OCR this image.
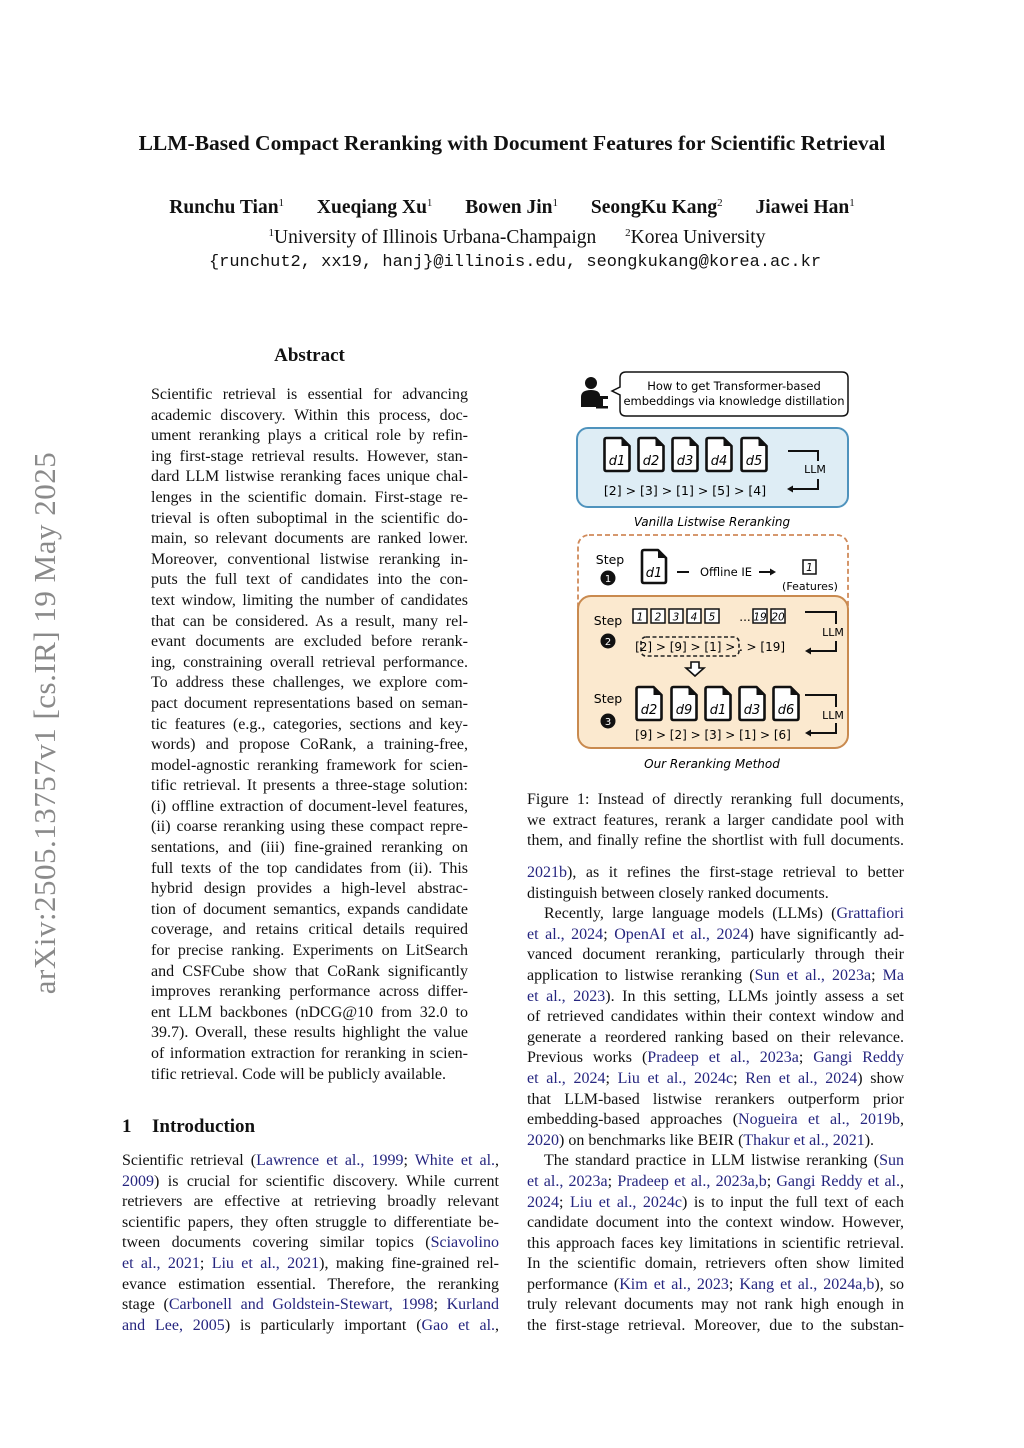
arXiv:2505.13757v1 [cs.IR] 19 May 2025
LLM-Based Compact Reranking with Document Features for Scientific Retrieval
Runchu Tian$^1$ Xueqiang Xu$^1$ Bowen Jin$^1$ SeongKu Kang$^2$ Jiawei Han$^1$
$^1$University of Illinois Urbana-Champaign	$^2$Korea University
{runchut2, xx19, hanj}@illinois.edu, seongkukang@korea.ac.kr
Abstract
Scientific retrieval is essential for advancing
academic discovery. Within this process, doc-
ument reranking plays a critical role by refin-
ing first-stage retrieval results. However, stan-
dard LLM listwise reranking faces unique chal-
lenges in the scientific domain. First-stage re-
trieval is often suboptimal in the scientific do-
main, so relevant documents are ranked lower.
Moreover, conventional listwise reranking in-
puts the full text of candidates into the con-
text window, limiting the number of candidates
that can be considered. As a result, many rel-
evant documents are excluded before rerank-
ing, constraining overall retrieval performance.
To address these challenges, we explore com-
pact document representations based on seman-
tic features (e.g., categories, sections and key-
words) and propose CoRank, a training-free,
model-agnostic reranking framework for scien-
tific retrieval. It presents a three-stage solution:
(i) offline extraction of document-level features,
(ii) coarse reranking using these compact repre-
sentations, and (iii) fine-grained reranking on
full texts of the top candidates from (ii). This
hybrid design provides a high-level abstrac-
tion of document semantics, expands candidate
coverage, and retains critical details required
for precise ranking. Experiments on LitSearch
and CSFCube show that CoRank significantly
improves reranking performance across differ-
ent LLM backbones (nDCG@10 from 32.0 to
39.7). Overall, these results highlight the value
of information extraction for reranking in scien-
tific retrieval. Code will be publicly available.
1 Introduction
Scientific retrieval (Lawrence et al., 1999; White et al.,
2009) is crucial for scientific discovery. While current
retrievers are effective at retrieving broadly relevant
scientific papers, they often struggle to differentiate be-
tween documents covering similar topics (Sciavolino
et al., 2021; Liu et al., 2021), making fine-grained rel-
evance estimation essential. Therefore, the reranking
stage (Carbonell and Goldstein-Stewart, 1998; Kurland
and Lee, 2005) is particularly important (Gao et al.,
How to get Transformer-based
embeddings via knowledge distillation
d1 d2 d3 d4 d5
[2] > [3] > [1] > [5] > [4]
LLM
Vanilla Listwise Reranking
Step
1	d1	Offline IE	1
(Features)
Step
2
1 2 3 4 5	19 20
...
[2] > [9] > [1] > .
. > [19]
LLM
Step
3
d2 d9 d1 d3 d6
[9] > [2] > [3] > [1] > [6]
LLM
Our Reranking Method
Figure 1: Instead of directly reranking full documents,
we extract features, rerank a larger candidate pool with
them, and finally refine the shortlist with full documents.
2021b), as it refines the first-stage retrieval to better
distinguish between closely ranked documents.
Recently, large language models (LLMs) (Grattafiori
et al., 2024; OpenAI et al., 2024) have significantly ad-
vanced document reranking, particularly through their
application to listwise reranking (Sun et al., 2023a; Ma
et al., 2023). In this setting, LLMs jointly assess a set
of retrieved candidates within their context window and
generate a reordered ranking based on their relevance.
Previous works (Pradeep et al., 2023a; Gangi Reddy
et al., 2024; Liu et al., 2024c; Ren et al., 2024) show
that LLM-based listwise rerankers outperform prior
embedding-based approaches (Nogueira et al., 2019b,
2020) on benchmarks like BEIR (Thakur et al., 2021).
The standard practice in LLM listwise reranking (Sun
et al., 2023a; Pradeep et al., 2023a,b; Gangi Reddy et al.,
2024; Liu et al., 2024c) is to input the full text of each
candidate document into the context window. However,
this approach faces key limitations in scientific retrieval.
In the scientific domain, retrievers often show limited
performance (Kim et al., 2023; Kang et al., 2024a,b), so
truly relevant documents may not rank high enough in
the first-stage retrieval. Moreover, due to the substan-
